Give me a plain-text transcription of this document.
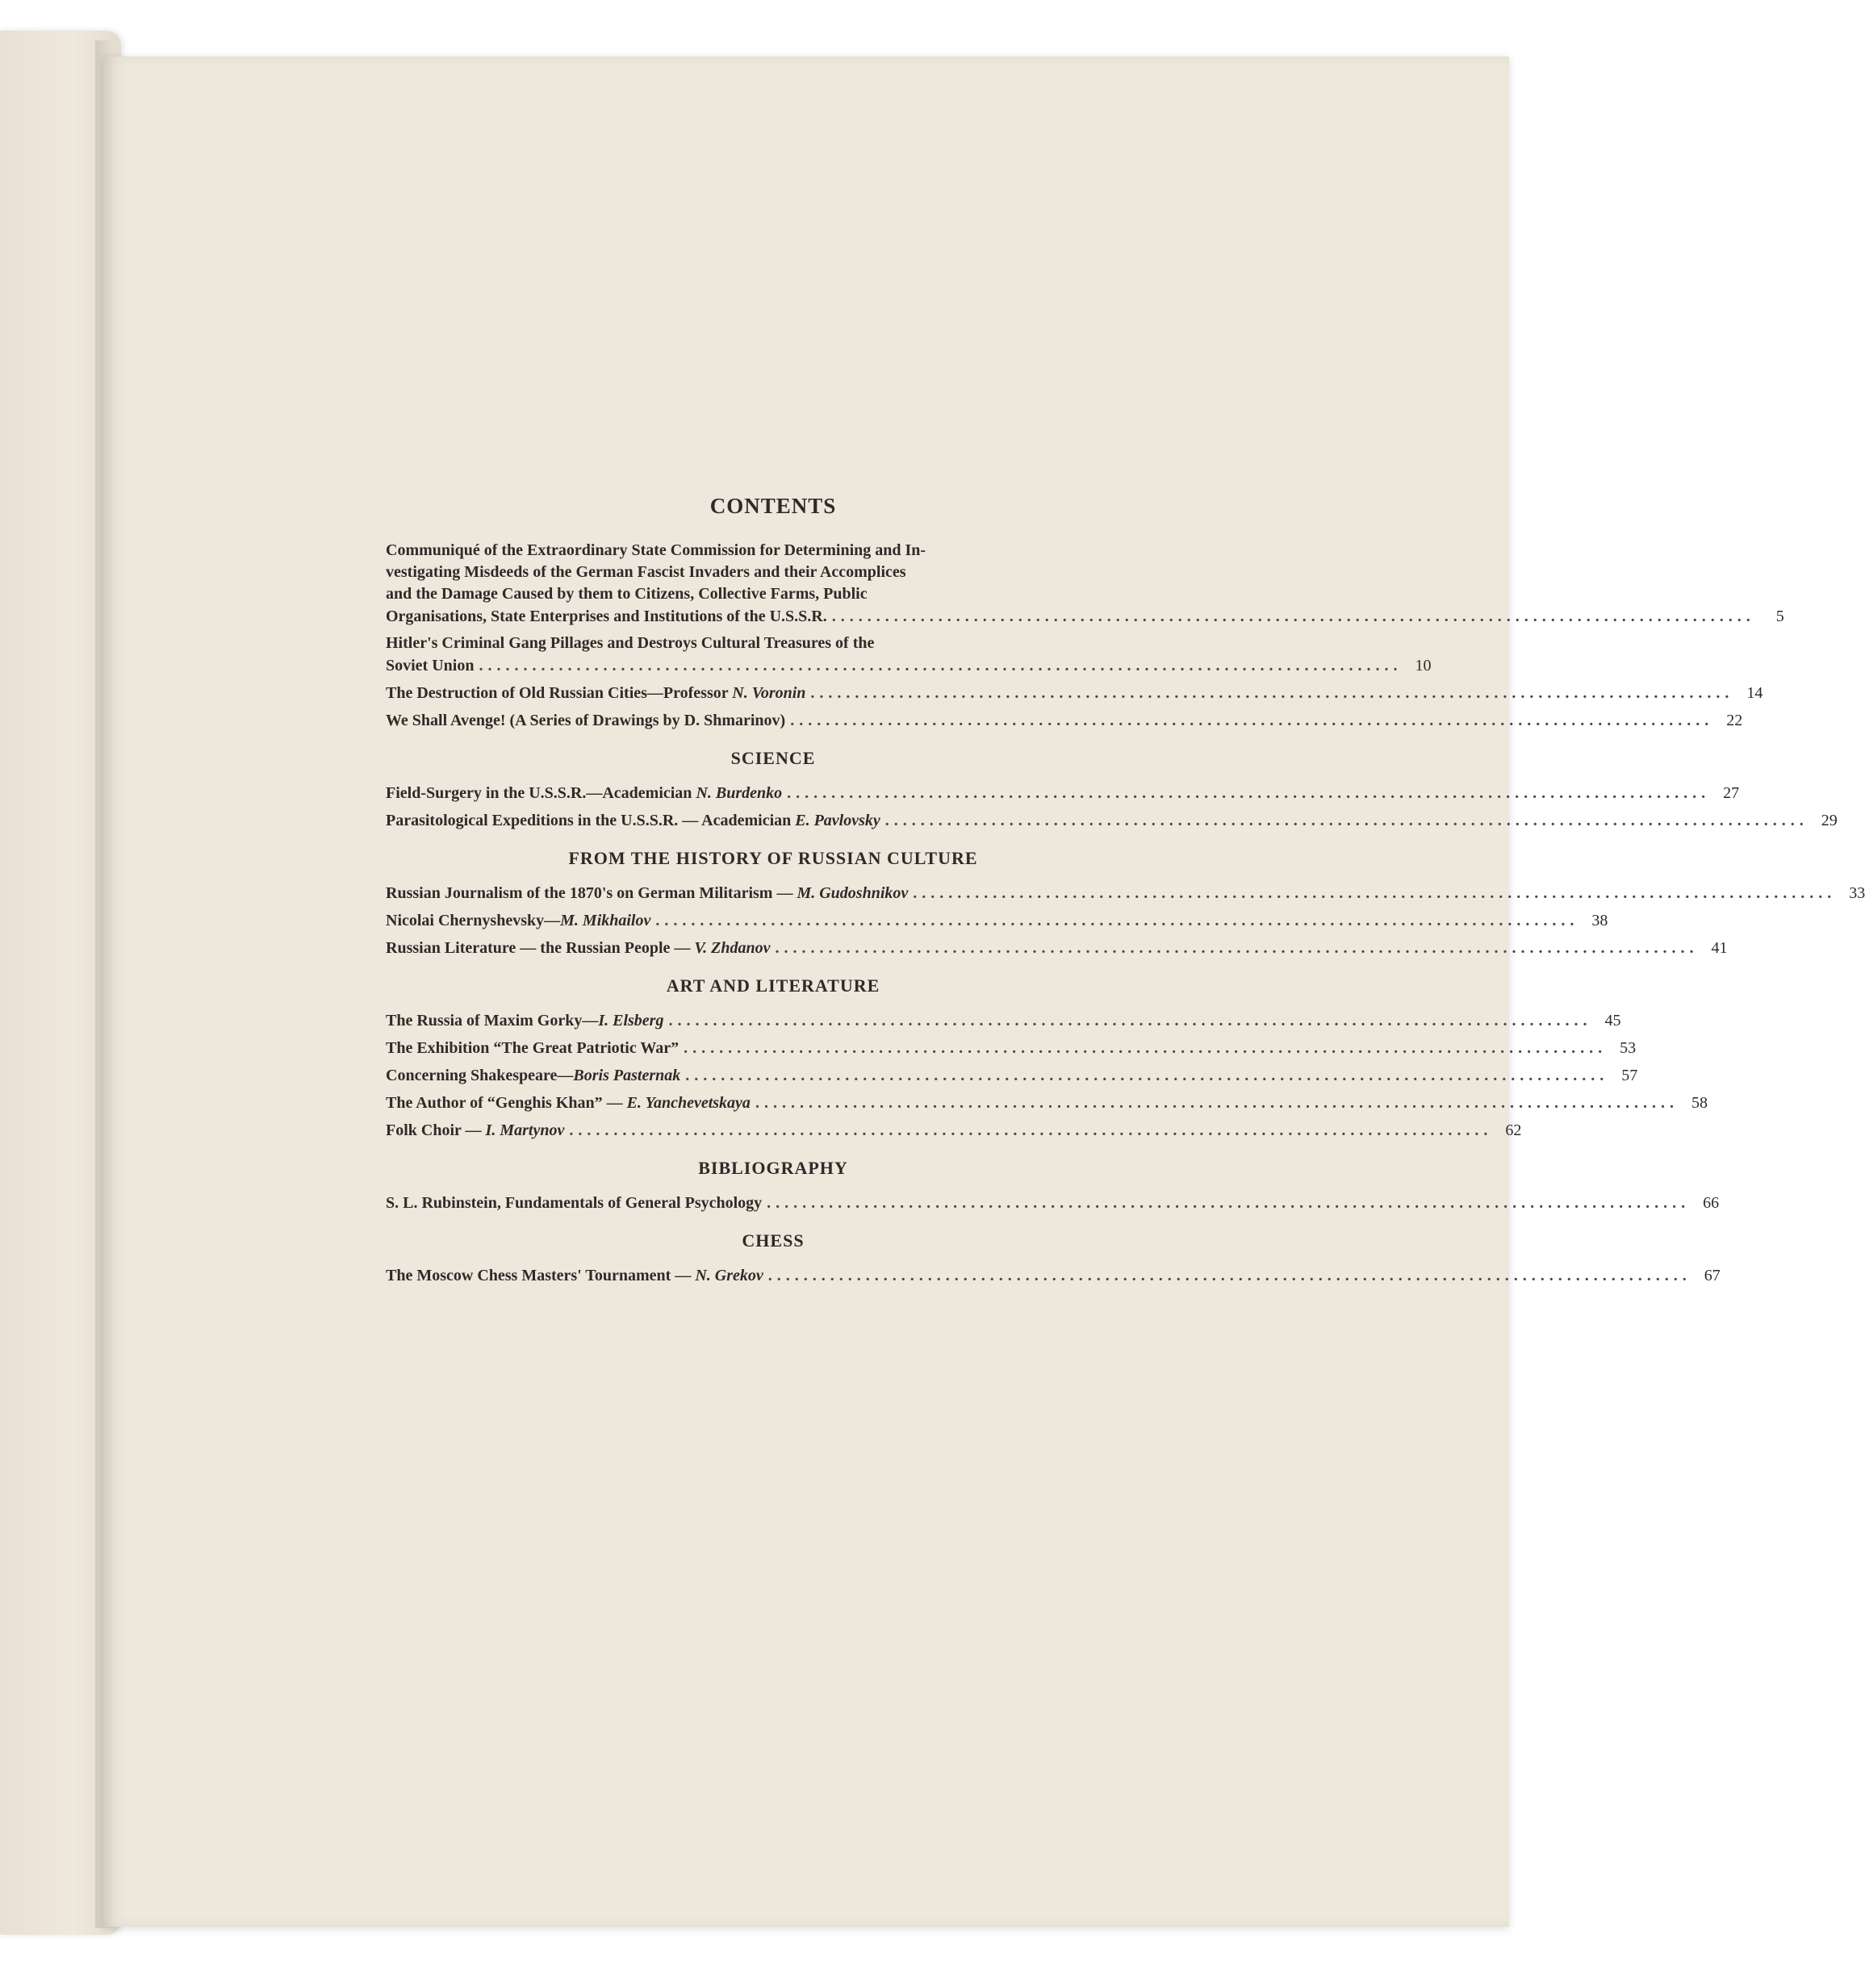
CONTENTS

Communiqué of the Extraordinary State Commission for Determining and In-

vestigating Misdeeds of the German Fascist Invaders and their Accomplices

and the Damage Caused by them to Citizens, Collective Farms, Public

Organisations, State Enterprises and Institutions of the U.S.S.R. ........................................................................................................	5

Hitler's Criminal Gang Pillages and Destroys Cultural Treasures of the

Soviet Union ........................................................................................................ 10
The Destruction of Old Russian Cities—Professor N. Voronin ........................................................................................................ 14
We Shall Avenge! (A Series of Drawings by D. Shmarinov) ........................................................................................................ 22
SCIENCE
Field-Surgery in the U.S.S.R.—Academician N. Burdenko ........................................................................................................ 27
Parasitological Expeditions in the U.S.S.R. — Academician E. Pavlovsky ........................................................................................................ 29
FROM THE HISTORY OF RUSSIAN CULTURE
Russian Journalism of the 1870's on German Militarism — M. Gudoshnikov ........................................................................................................ 33
Nicolai Chernyshevsky—M. Mikhailov ........................................................................................................ 38
Russian Literature — the Russian People — V. Zhdanov ........................................................................................................ 41
ART AND LITERATURE
The Russia of Maxim Gorky—I. Elsberg ........................................................................................................ 45
The Exhibition “The Great Patriotic War” ........................................................................................................ 53
Concerning Shakespeare—Boris Pasternak ........................................................................................................ 57
The Author of “Genghis Khan” — E. Yanchevetskaya ........................................................................................................ 58
Folk Choir — I. Martynov ........................................................................................................ 62
BIBLIOGRAPHY
S. L. Rubinstein, Fundamentals of General Psychology ........................................................................................................ 66
CHESS
The Moscow Chess Masters' Tournament — N. Grekov ........................................................................................................ 67
